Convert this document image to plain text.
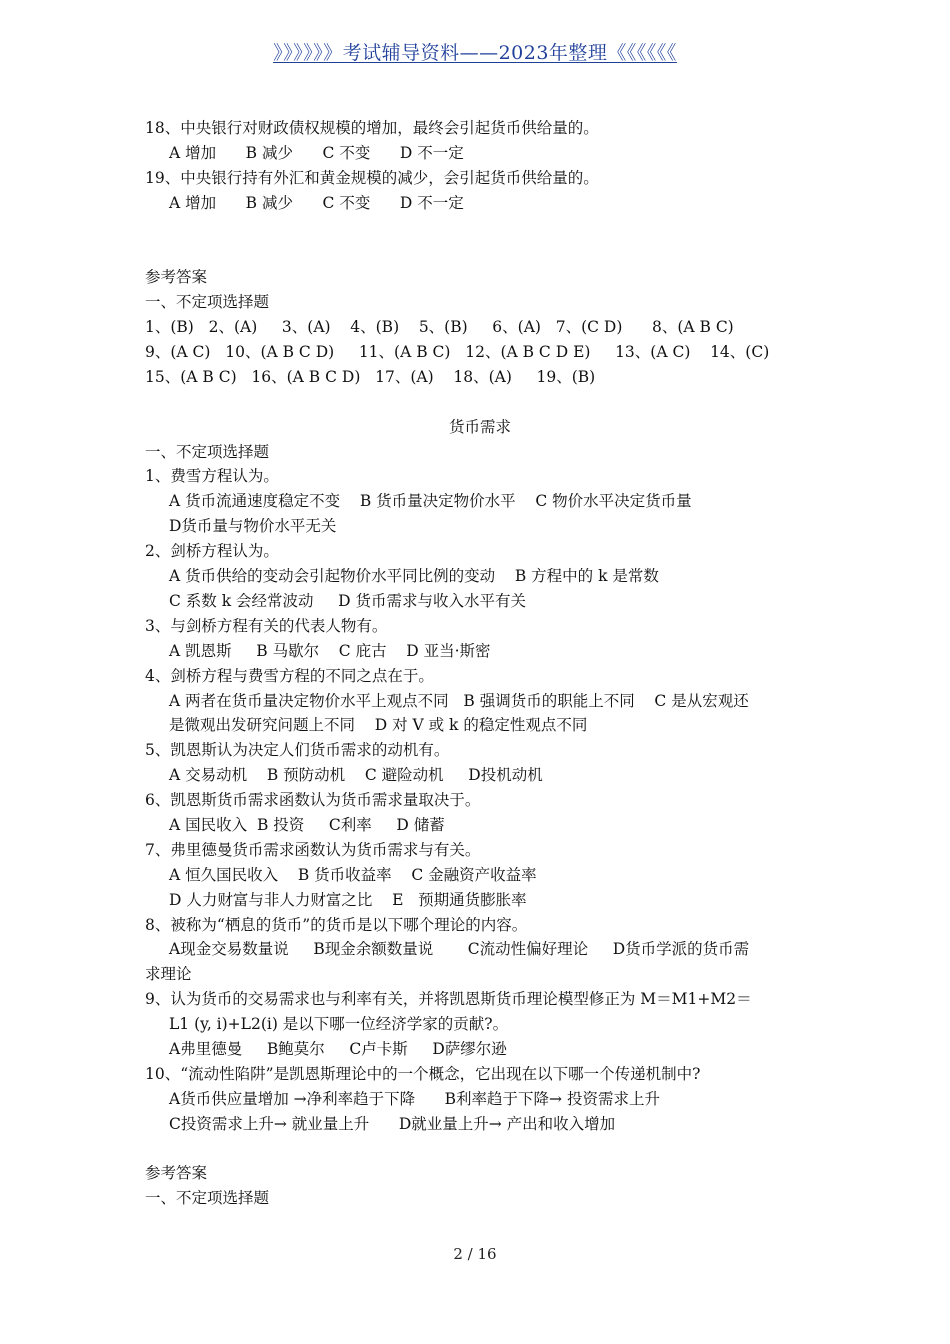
》》》》》》考试辅导资料——2023年整理《《《《《《
18、中央银行对财政债权规模的增加，最终会引起货币供给量的。
A 增加      B 减少      C 不变      D 不一定
19、中央银行持有外汇和黄金规模的减少，会引起货币供给量的。
A 增加      B 减少      C 不变      D 不一定
参考答案
一、不定项选择题
1、(B)   2、(A)     3、(A)    4、(B)    5、(B)     6、(A)   7、(C D)      8、(A B C)
9、(A C)   10、(A B C D)     11、(A B C)   12、(A B C D E)     13、(A C)    14、(C)
15、(A B C)   16、(A B C D)   17、(A)    18、(A)     19、(B)
货币需求
一、不定项选择题
1、费雪方程认为。
A 货币流通速度稳定不变    B 货币量决定物价水平    C 物价水平决定货币量
D货币量与物价水平无关
2、剑桥方程认为。
A 货币供给的变动会引起物价水平同比例的变动    B 方程中的 k 是常数
C 系数 k 会经常波动     D 货币需求与收入水平有关
3、与剑桥方程有关的代表人物有。
A 凯恩斯     B 马歇尔    C 庇古    D 亚当·斯密
4、剑桥方程与费雪方程的不同之点在于。
A 两者在货币量决定物价水平上观点不同   B 强调货币的职能上不同    C 是从宏观还
是微观出发研究问题上不同    D 对 V 或 k 的稳定性观点不同
5、凯恩斯认为决定人们货币需求的动机有。
A 交易动机    B 预防动机    C 避险动机     D投机动机
6、凯恩斯货币需求函数认为货币需求量取决于。
A 国民收入  B 投资     C利率     D 储蓄
7、弗里德曼货币需求函数认为货币需求与有关。
A 恒久国民收入    B 货币收益率    C 金融资产收益率
D 人力财富与非人力财富之比    E   预期通货膨胀率
8、被称为“栖息的货币”的货币是以下哪个理论的内容。
A现金交易数量说     B现金余额数量说       C流动性偏好理论     D货币学派的货币需
求理论
9、认为货币的交易需求也与利率有关，并将凯恩斯货币理论模型修正为 M＝M1+M2＝
L1 (y, i)+L2(i) 是以下哪一位经济学家的贡献?。
A弗里德曼     B鲍莫尔     C卢卡斯     D萨缪尔逊
10、“流动性陷阱”是凯恩斯理论中的一个概念，它出现在以下哪一个传递机制中?
A货币供应量增加 →净利率趋于下降      B利率趋于下降→ 投资需求上升
C投资需求上升→ 就业量上升      D就业量上升→ 产出和收入增加
参考答案
一、不定项选择题
2 / 16
